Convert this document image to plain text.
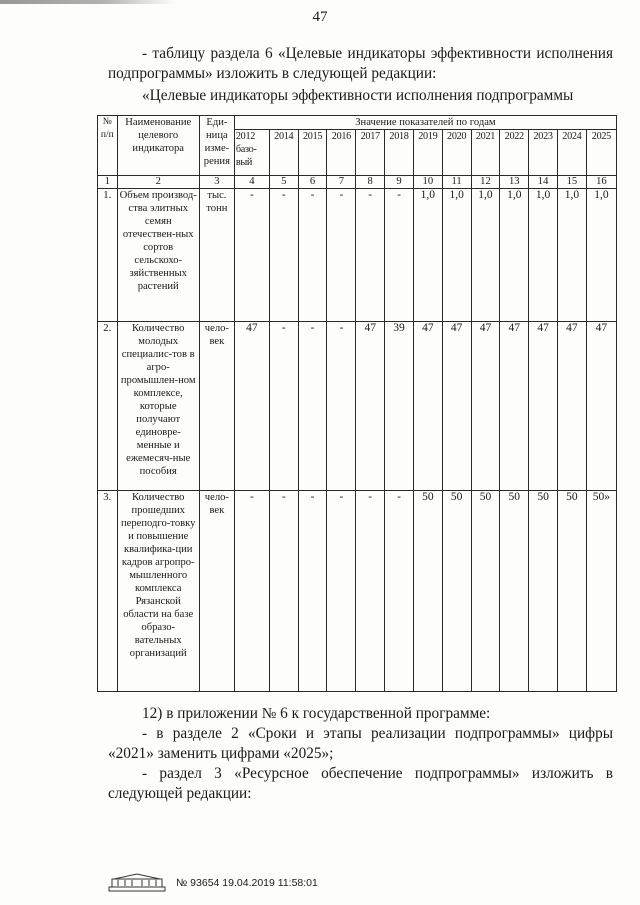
47
- таблицу раздела 6 «Целевые индикаторы эффективности исполнения подпрограммы» изложить в следующей редакции:
«Целевые индикаторы эффективности исполнения подпрограммы
№ п/п	Наименование целевого индикатора	Еди-ница изме-рения	Значение показателей по годам												
			2012 базо-вый	2014	2015	2016	2017	2018	2019	2020	2021	2022	2023	2024	2025
1	2	3	4	5	6	7	8	9	10	11	12	13	14	15	16
1.	Объем производ-ства элитных семян отечествен-ных сортов сельскохо-зяйственных растений	тыс. тонн	-	-	-	-	-	-	1,0	1,0	1,0	1,0	1,0	1,0	1,0
2.	Количество молодых специалис-тов в агро-промышлен-ном комплексе, которые получают единовре-менные и ежемесяч-ные пособия	чело-век	47	-	-	-	47	39	47	47	47	47	47	47	47
3.	Количество прошедших переподго-товку и повышение квалифика-ции кадров агропро-мышленного комплекса Рязанской области на базе образо-вательных организаций	чело-век	-	-	-	-	-	-	50	50	50	50	50	50	50»
12) в приложении № 6 к государственной программе:
- в разделе 2 «Сроки и этапы реализации подпрограммы» цифры «2021» заменить цифрами «2025»;
- раздел 3 «Ресурсное обеспечение подпрограммы» изложить в следующей редакции:
№ 93654 19.04.2019 11:58:01
